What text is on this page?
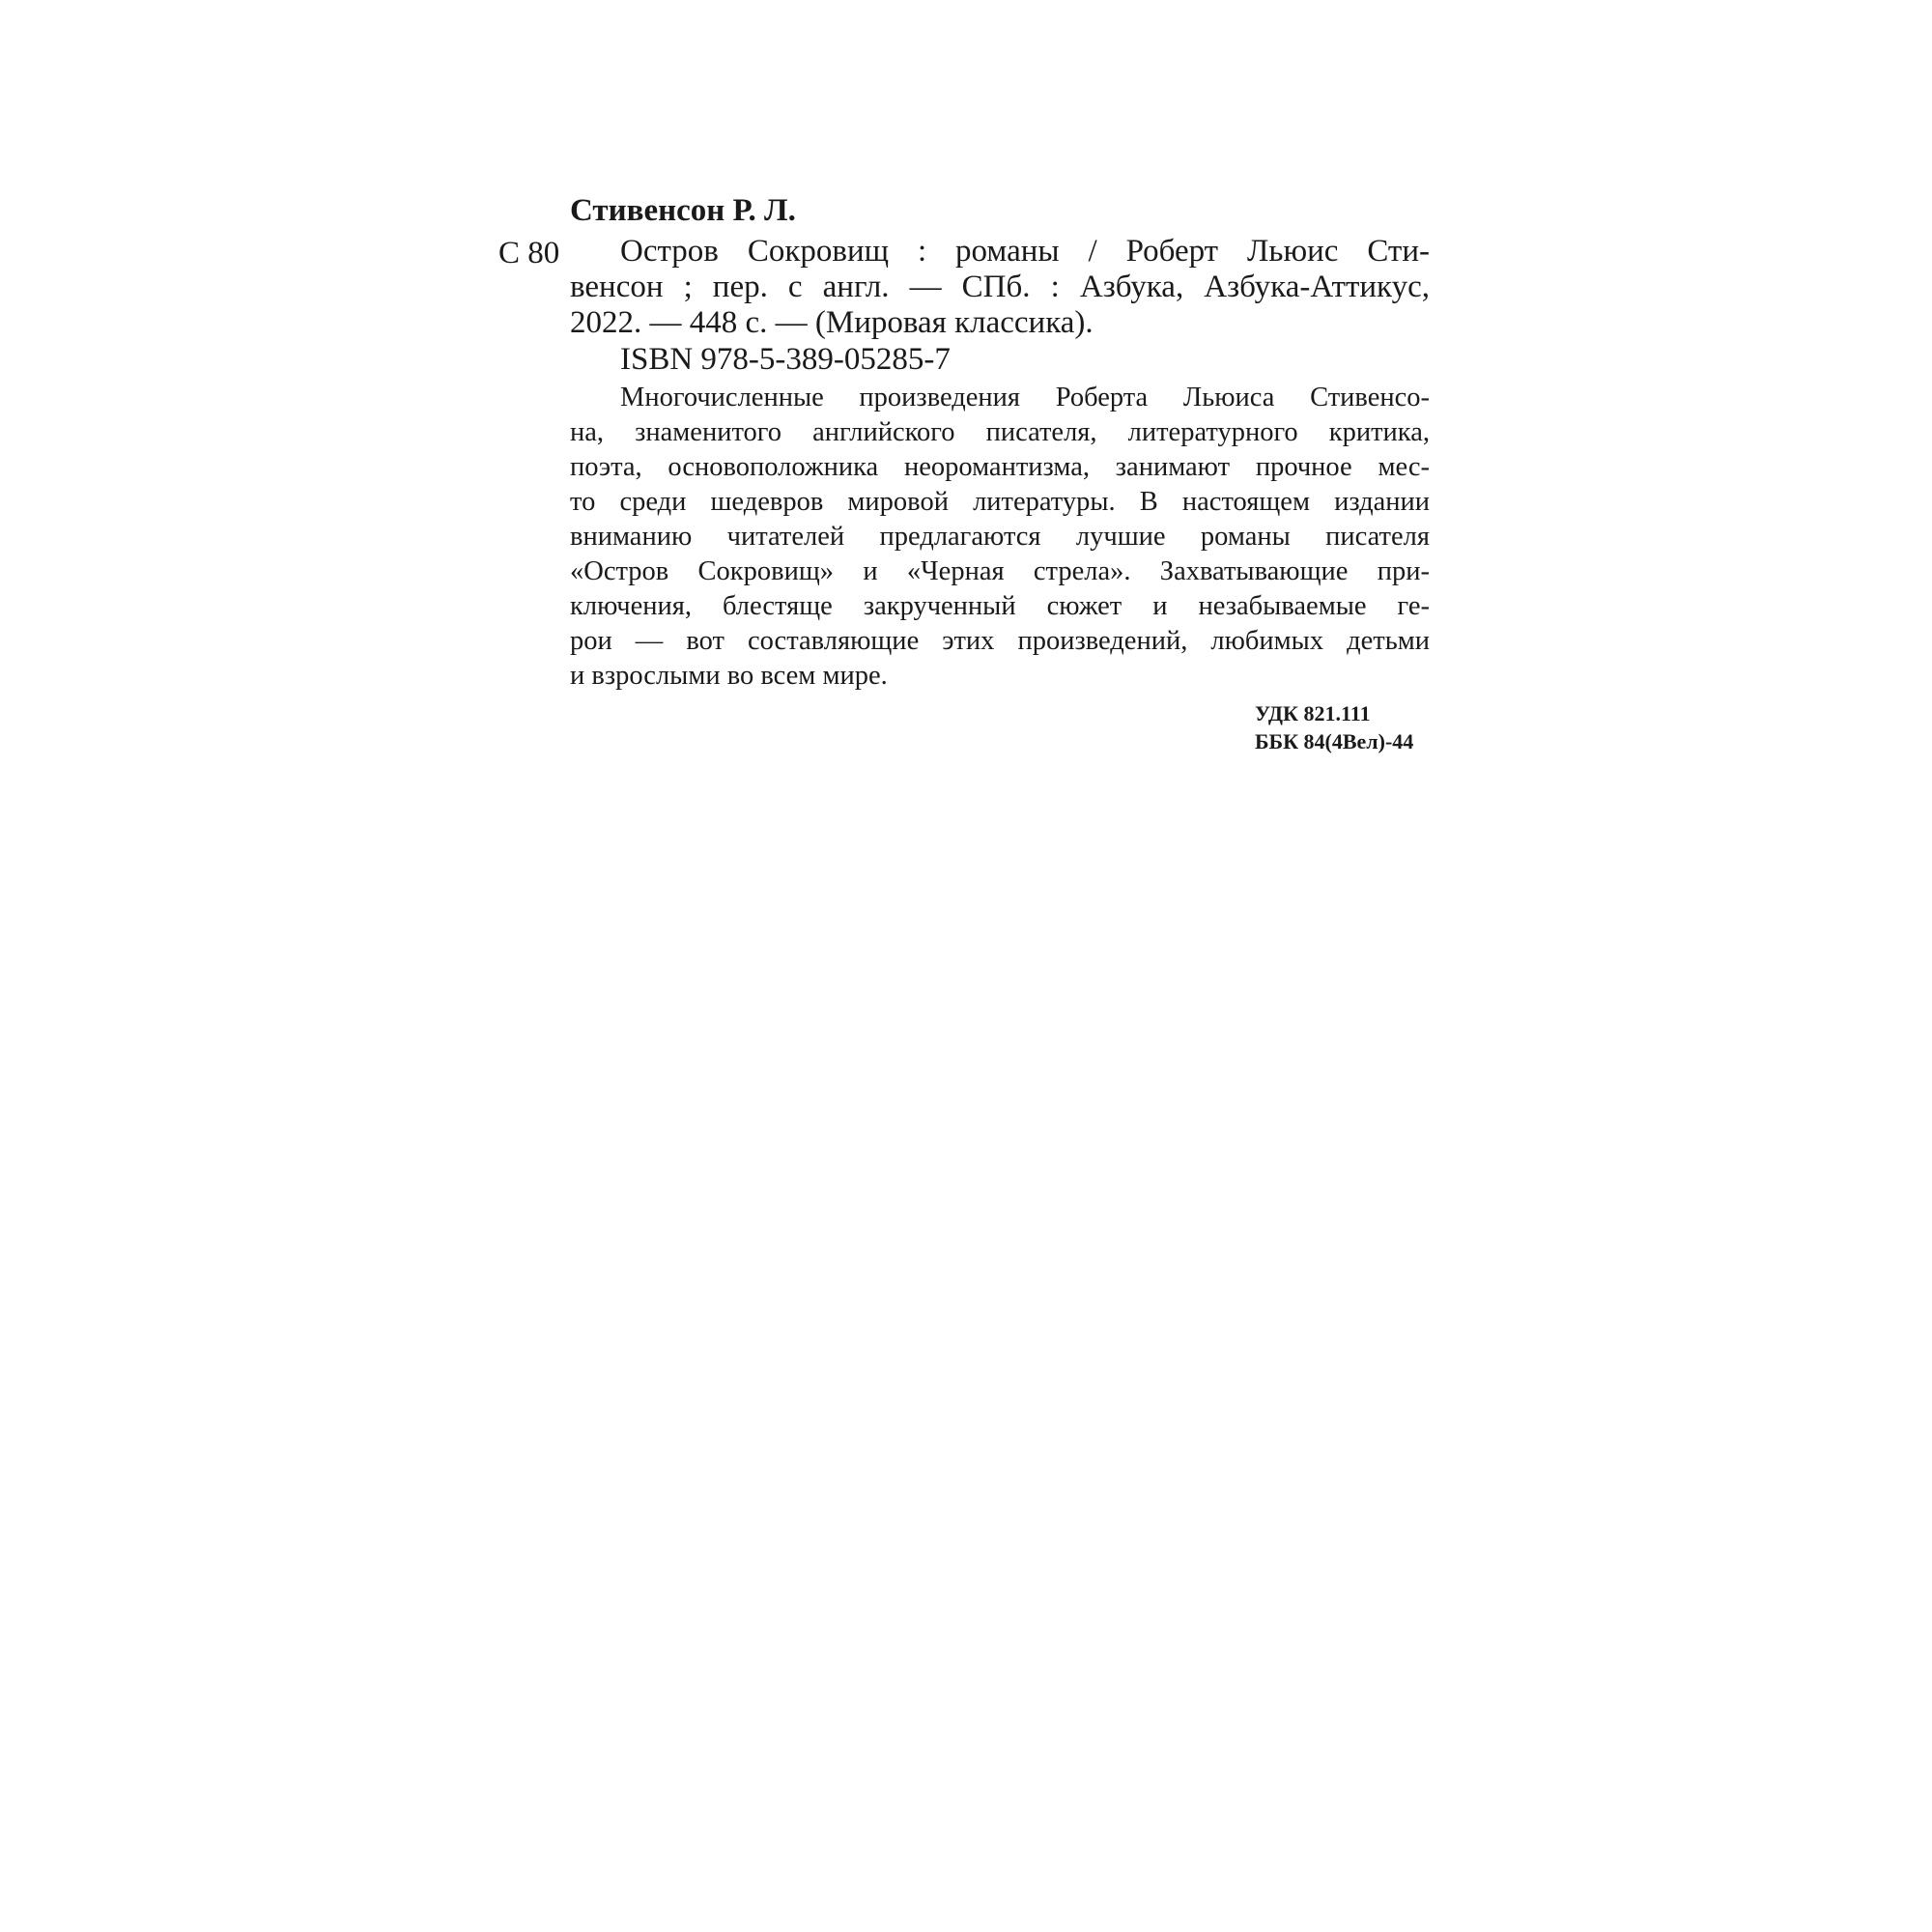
Стивенсон Р. Л.
С 80	Остров Сокровищ : романы / Роберт Льюис Сти-
венсон ; пер. с англ. — СПб. : Азбука, Азбука-Аттикус,
2022. — 448 с. — (Мировая классика).
ISBN 978-5-389-05285-7
Многочисленные произведения Роберта Льюиса Стивенсо-
на, знаменитого английского писателя, литературного критика,
поэта, основоположника неоромантизма, занимают прочное мес-
то среди шедевров мировой литературы. В настоящем издании
вниманию читателей предлагаются лучшие романы писателя
«Остров Сокровищ» и «Черная стрела». Захватывающие при-
ключения, блестяще закрученный сюжет и незабываемые ге-
рои — вот составляющие этих произведений, любимых детьми
и взрослыми во всем мире.
УДК 821.111
ББК 84(4Вел)-44
